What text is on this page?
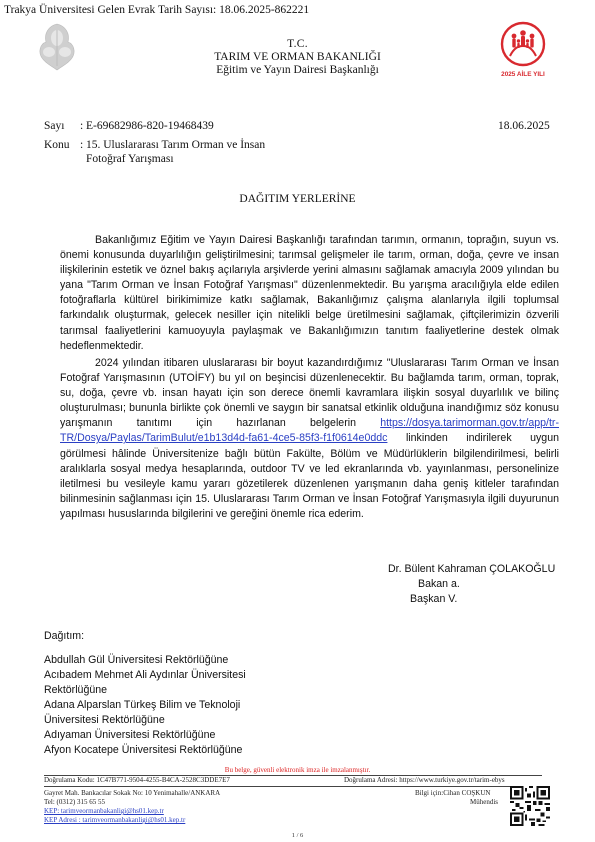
Trakya Üniversitesi Gelen Evrak Tarih Sayısı: 18.06.2025-862221
T.C.
TARIM VE ORMAN BAKANLIĞI
Eğitim ve Yayın Dairesi Başkanlığı	2025 AİLE YILI
Sayı : E-69682986-820-19468439	18.06.2025
Konu : 15. Uluslararası Tarım Orman ve İnsan
Fotoğraf Yarışması
DAĞITIM YERLERİNE
Bakanlığımız Eğitim ve Yayın Dairesi Başkanlığı tarafından tarımın, ormanın, toprağın, suyun vs. önemi konusunda duyarlılığın geliştirilmesini; tarımsal gelişmeler ile tarım, orman, doğa, çevre ve insan ilişkilerinin estetik ve öznel bakış açılarıyla arşivlerde yerini almasını sağlamak amacıyla 2009 yılından bu yana "Tarım Orman ve İnsan Fotoğraf Yarışması" düzenlenmektedir. Bu yarışma aracılığıyla elde edilen fotoğraflarla kültürel birikimimize katkı sağlamak, Bakanlığımız çalışma alanlarıyla ilgili toplumsal farkındalık oluşturmak, gelecek nesiller için nitelikli belge üretilmesini sağlamak, çiftçilerimizin özverili tarımsal faaliyetlerini kamuoyuyla paylaşmak ve Bakanlığımızın tanıtım faaliyetlerine destek olmak hedeflenmektedir.
2024 yılından itibaren uluslararası bir boyut kazandırdığımız "Uluslararası Tarım Orman ve İnsan Fotoğraf Yarışmasının (UTOİFY) bu yıl on beşincisi düzenlenecektir. Bu bağlamda tarım, orman, toprak, su, doğa, çevre vb. insan hayatı için son derece önemli kavramlara ilişkin sosyal duyarlılık ve bilinç oluşturulması; bununla birlikte çok önemli ve saygın bir sanatsal etkinlik olduğuna inandığımız söz konusu yarışmanın tanıtımı için hazırlanan belgelerin https://dosya.tarimorman.gov.tr/app/tr-TR/Dosya/Paylas/TarimBulut/e1b13d4d-fa61-4ce5-85f3-f1f0614e0ddc linkinden indirilerek uygun görülmesi hâlinde Üniversitenize bağlı bütün Fakülte, Bölüm ve Müdürlüklerin bilgilendirilmesi, belirli aralıklarla sosyal medya hesaplarında, outdoor TV ve led ekranlarında vb. yayınlanması, personelinize iletilmesi bu vesileyle kamu yararı gözetilerek düzenlenen yarışmanın daha geniş kitleler tarafından bilinmesinin sağlanması için 15. Uluslararası Tarım Orman ve İnsan Fotoğraf Yarışmasıyla ilgili duyurunun yapılması hususlarında bilgilerini ve gereğini önemle rica ederim.
Dr. Bülent Kahraman ÇOLAKOĞLU
Bakan a.
Başkan V.
Dağıtım:
Abdullah Gül Üniversitesi Rektörlüğüne
Acıbadem Mehmet Ali Aydınlar Üniversitesi
Rektörlüğüne
Adana Alparslan Türkeş Bilim ve Teknoloji
Üniversitesi Rektörlüğüne
Adıyaman Üniversitesi Rektörlüğüne
Afyon Kocatepe Üniversitesi Rektörlüğüne
Bu belge, güvenli elektronik imza ile imzalanmıştır.
Doğrulama Kodu: 1C47B771-9504-4255-B4CA-2528C3DDE7E7	Doğrulama Adresi: https://www.turkiye.gov.tr/tarim-ebys
Gayret Mah. Bankacılar Sokak No: 10 Yenimahalle/ANKARA
Tel: (0312) 315 65 55
KEP: tarimveormanbakanligi@hs01.kep.tr
KEP Adresi : tarimveormanbakanligi@hs01.kep.tr
Bilgi için:Cihan COŞKUN
Mühendis
1 / 6
